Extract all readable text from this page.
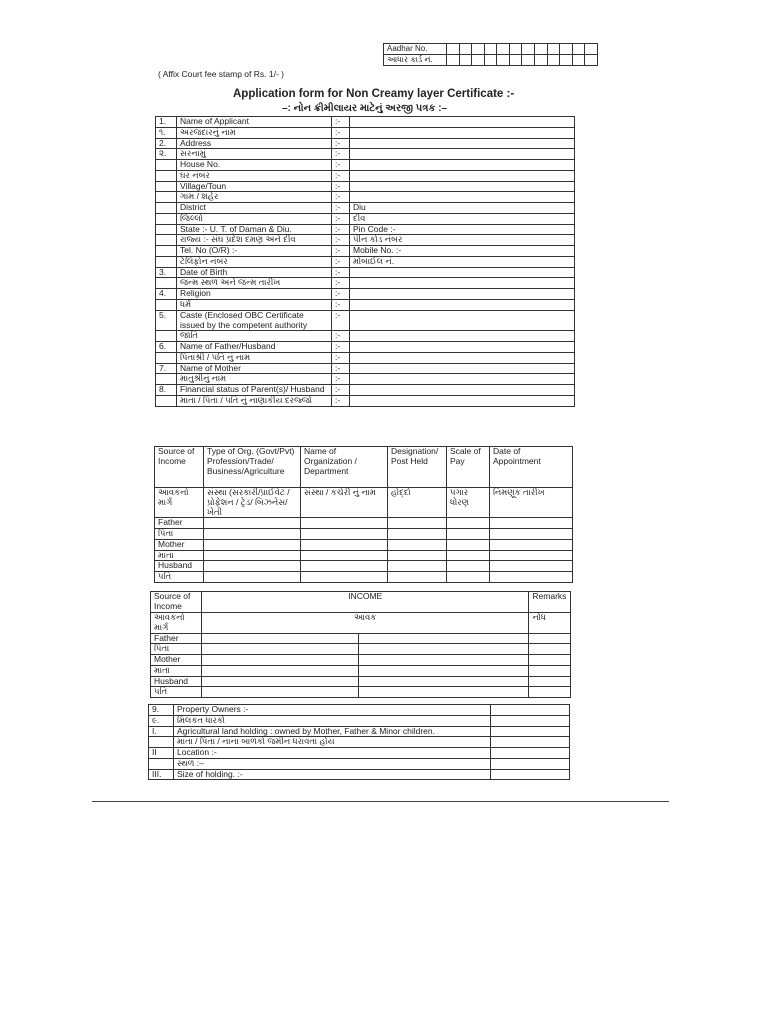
Aadhar No.												
આધાર કાર્ડ નં.												
( Affix Court fee stamp of Rs. 1/- )
Application form for Non Creamy layer Certificate :-
–: નોન ક્રીમીલાયર માટેનું અરજી પત્રક :–
1.	Name of Applicant	:-	
૧.	અરજદારનું નામ	:-	
2.	Address	:-	
૨.	સરનામું	:-	
	House No.	:-	
	ઘર નંબર	:-	
	Village/Toun	:-	
	ગામ / શહેર	:-	
	District	:-	Diu
	જિલ્લો	:-	દીવ
	State :- U. T. of Daman & Diu.	:-	Pin Code :-
	રાજ્ય :- સંઘ પ્રદેશ દમણ અને દીવ	:-	પીન કોડ નંબર
	Tel. No (O/R) :-	:-	Mobile No. :-
	ટેલિફોન નંબર	:-	મોબાઈલ નં.
3.	Date of Birth	:-	
	જન્મ સ્થળ અને જન્મ તારીખ	:-	
4.	Religion	:-	
	ધર્મ	:-	
5.	Caste (Enclosed OBC Certificate issued by the competent authority	:-	
	જાતિ	:-	
6.	Name of Father/Husband	:-	
	પિતાશ્રી / પતિ નું નામ	:-	
7.	Name of Mother	:-	
	માતુશ્રીનું નામ	:-	
8.	Financial status of Parent(s)/ Husband	:-	
	માતા / પિતા / પતિ નું નાણાકીય દરજ્જો	:-	
Source of Income	Type of Org. (Govt/Pvt) Profession/Trade/ Business/Agriculture	Name of Organization / Department	Designation/ Post Held	Scale of Pay	Date of Appointment
આવકનો માર્ગ	સંસ્થા (સરકારી/પ્રાઈવેટ / પ્રોફેશન / ટ્રેડ/ બિઝનેસ/ખેતી	સંસ્થા / કચેરી નું નામ	હોદ્દો	પગાર ધોરણ	નિમણૂક તારીખ
Father					
પિતા					
Mother					
માતા					
Husband					
પતિ					
Source of Income	INCOME		Remarks
આવકનો માર્ગ	આવક		નોંધ
Father			
પિતા			
Mother			
માતા			
Husband			
પતિ			
9.	Property Owners :-	
૯.	મિલકત ધારકો	
I.	Agricultural land holding : owned by Mother, Father & Minor children.	
	માતા / પિતા / નાના બાળકો જમીન ધરાવતા હોય	
II	Location :-	
	સ્થળ :–	
III.	Size of holding. :-	
